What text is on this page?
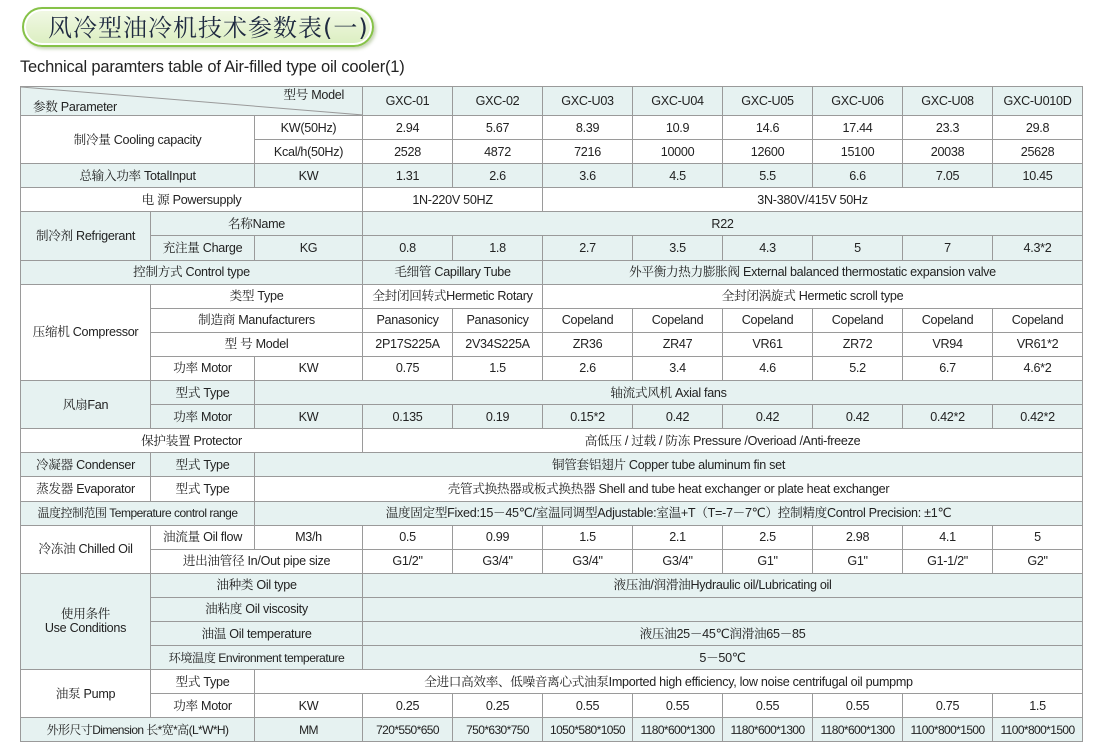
风冷型油冷机技术参数表(一)
Technical paramters table of Air-filled type oil cooler(1)
型号 Model
参数 Parameter			GXC-01	GXC-02	GXC-U03	GXC-U04	GXC-U05	GXC-U06	GXC-U08	GXC-U010D
制冷量 Cooling capacity		KW(50Hz)	2.94	5.67	8.39	10.9	14.6	17.44	23.3	29.8
		Kcal/h(50Hz)	2528	4872	7216	10000	12600	15100	20038	25628
总输入功率 TotalInput		KW	1.31	2.6	3.6	4.5	5.5	6.6	7.05	10.45
电 源 Powersupply			1N-220V 50HZ		3N-380V/415V 50Hz					
制冷剂 Refrigerant	名称Name		R22							
	充注量 Charge	KG	0.8	1.8	2.7	3.5	4.3	5	7	4.3*2
控制方式 Control type			毛细管 Capillary Tube		外平衡力热力膨胀阀 External balanced thermostatic expansion valve					
压缩机 Compressor	类型 Type		全封闭回转式Hermetic Rotary		全封闭涡旋式 Hermetic scroll type					
	制造商 Manufacturers		Panasonicy	Panasonicy	Copeland	Copeland	Copeland	Copeland	Copeland	Copeland
	型 号 Model		2P17S225A	2V34S225A	ZR36	ZR47	VR61	ZR72	VR94	VR61*2
	功率 Motor	KW	0.75	1.5	2.6	3.4	4.6	5.2	6.7	4.6*2
风扇Fan	型式 Type	轴流式风机 Axial fans								
	功率 Motor	KW	0.135	0.19	0.15*2	0.42	0.42	0.42	0.42*2	0.42*2
保护装置 Protector			高低压 / 过载 / 防冻 Pressure /Overioad /Anti-freeze							
冷凝器 Condenser	型式 Type	铜管套铝翅片 Copper tube aluminum fin set								
蒸发器 Evaporator	型式 Type	壳管式换热器或板式换热器 Shell and tube heat exchanger or plate heat exchanger								
温度控制范围 Temperature control range		温度固定型Fixed:15－45℃/室温同调型Adjustable:室温+T（T=-7－7℃）控制精度Control Precision: ±1℃								
冷冻油 Chilled Oil	油流量 Oil flow	M3/h	0.5	0.99	1.5	2.1	2.5	2.98	4.1	5
	进出油管径 In/Out pipe size		G1/2"	G3/4"	G3/4"	G3/4"	G1"	G1"	G1-1/2"	G2"
使用条件
Use Conditions	油种类 Oil type		液压油/润滑油Hydraulic oil/Lubricating oil							
	油粘度 Oil viscosity									
	油温 Oil temperature		液压油25－45℃润滑油65－85							
	环境温度 Environment temperature		5－50℃							
油泵 Pump	型式 Type	全进口高效率、低噪音离心式油泵Imported high efficiency, low noise centrifugal oil pumpmp								
	功率 Motor	KW	0.25	0.25	0.55	0.55	0.55	0.55	0.75	1.5
外形尺寸Dimension 长*宽*高(L*W*H)		MM	720*550*650	750*630*750	1050*580*1050	1180*600*1300	1180*600*1300	1180*600*1300	1100*800*1500	1100*800*1500
